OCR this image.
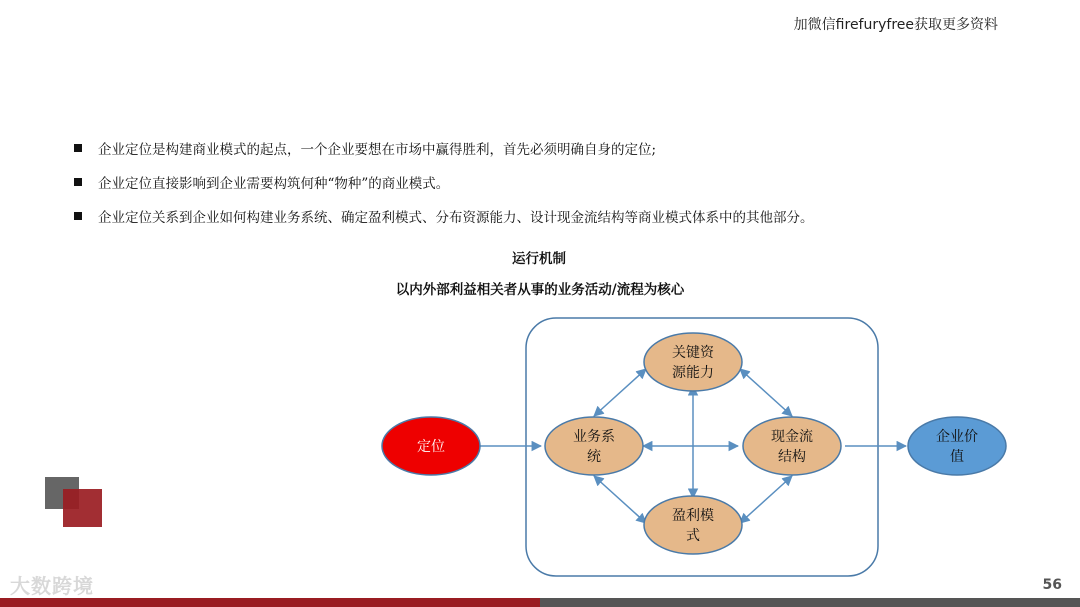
加微信firefuryfree获取更多资料
企业定位是构建商业模式的起点，一个企业要想在市场中赢得胜利，首先必须明确自身的定位;
企业定位直接影响到企业需要构筑何种“物种”的商业模式。
企业定位关系到企业如何构建业务系统、确定盈利模式、分布资源能力、设计现金流结构等商业模式体系中的其他部分。
运行机制
以内外部利益相关者从事的业务活动/流程为核心
定位
关键资
源能力
业务系
统
现金流
结构
盈利模
式
企业价
值
大数跨境	56
